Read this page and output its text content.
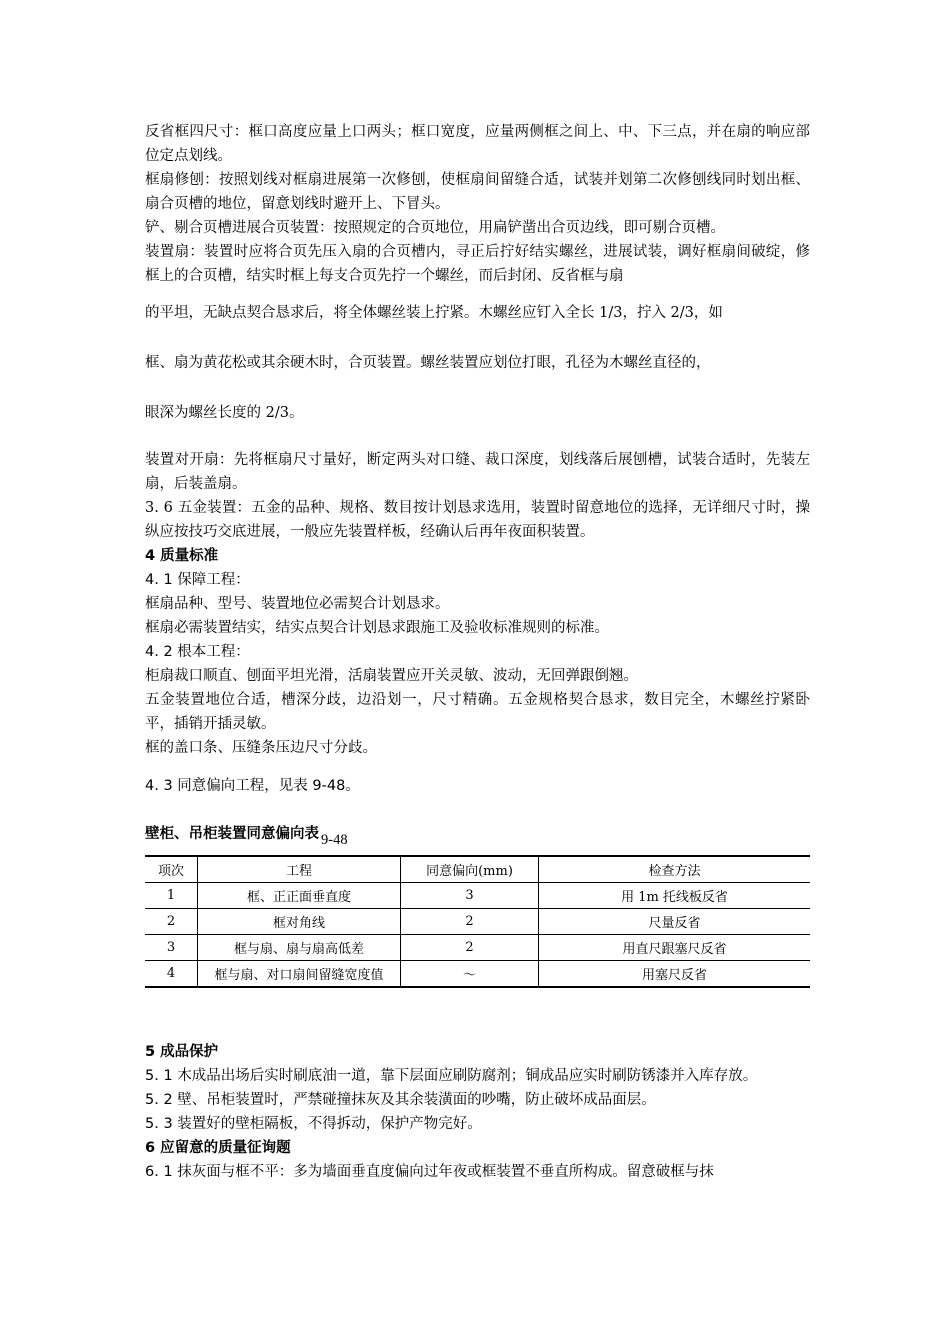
反省框四尺寸：框口高度应量上口两头；框口宽度，应量两侧框之间上、中、下三点，并在扇的响应部位定点划线。

框扇修刨：按照划线对框扇进展第一次修刨，使框扇间留缝合适，试装并划第二次修刨线同时划出框、扇合页槽的地位，留意划线时避开上、下冒头。

铲、剔合页槽进展合页装置：按照规定的合页地位，用扁铲凿出合页边线，即可剔合页槽。

装置扇：装置时应将合页先压入扇的合页槽内，寻正后拧好结实螺丝，进展试装，调好框扇间破绽，修框上的合页槽，结实时框上每支合页先拧一个螺丝，而后封闭、反省框与扇

的平坦，无缺点契合恳求后，将全体螺丝装上拧紧。木螺丝应钉入全长 1/3，拧入 2/3，如

框、扇为黄花松或其余硬木时，合页装置。螺丝装置应划位打眼，孔径为木螺丝直径的，

眼深为螺丝长度的 2/3。

装置对开扇：先将框扇尺寸量好，断定两头对口缝、裁口深度，划线落后展刨槽，试装合适时，先装左扇，后装盖扇。

3. 6 五金装置：五金的品种、规格、数目按计划恳求选用，装置时留意地位的选择，无详细尺寸时，操纵应按技巧交底进展，一般应先装置样板，经确认后再年夜面积装置。

4 质量标准

4. 1 保障工程：

框扇品种、型号、装置地位必需契合计划恳求。

框扇必需装置结实，结实点契合计划恳求跟施工及验收标准规则的标准。

4. 2 根本工程：

柜扇裁口顺直、刨面平坦光滑，活扇装置应开关灵敏、波动，无回弹跟倒翘。

五金装置地位合适，槽深分歧，边沿划一，尺寸精确。五金规格契合恳求，数目完全，木螺丝拧紧卧平，插销开插灵敏。

框的盖口条、压缝条压边尺寸分歧。

4. 3 同意偏向工程，见表 9-48。

壁柜、吊柜装置同意偏向表 9-48
项次	工程	同意偏向(mm)	检查方法
1	框、正正面垂直度	3	用 1m 托线板反省
2	框对角线	2	尺量反省
3	框与扇、扇与扇高低差	2	用直尺跟塞尺反省
4	框与扇、对口扇间留缝宽度值	～	用塞尺反省

5 成品保护

5. 1 木成品出场后实时刷底油一道，靠下层面应刷防腐剂；铜成品应实时刷防锈漆并入库存放。

5. 2 壁、吊柜装置时，严禁碰撞抹灰及其余装潢面的吵嘴，防止破坏成品面层。

5. 3 装置好的壁柜隔板，不得拆动，保护产物完好。

6 应留意的质量征询题

6. 1 抹灰面与框不平：多为墙面垂直度偏向过年夜或框装置不垂直所构成。留意破框与抹
